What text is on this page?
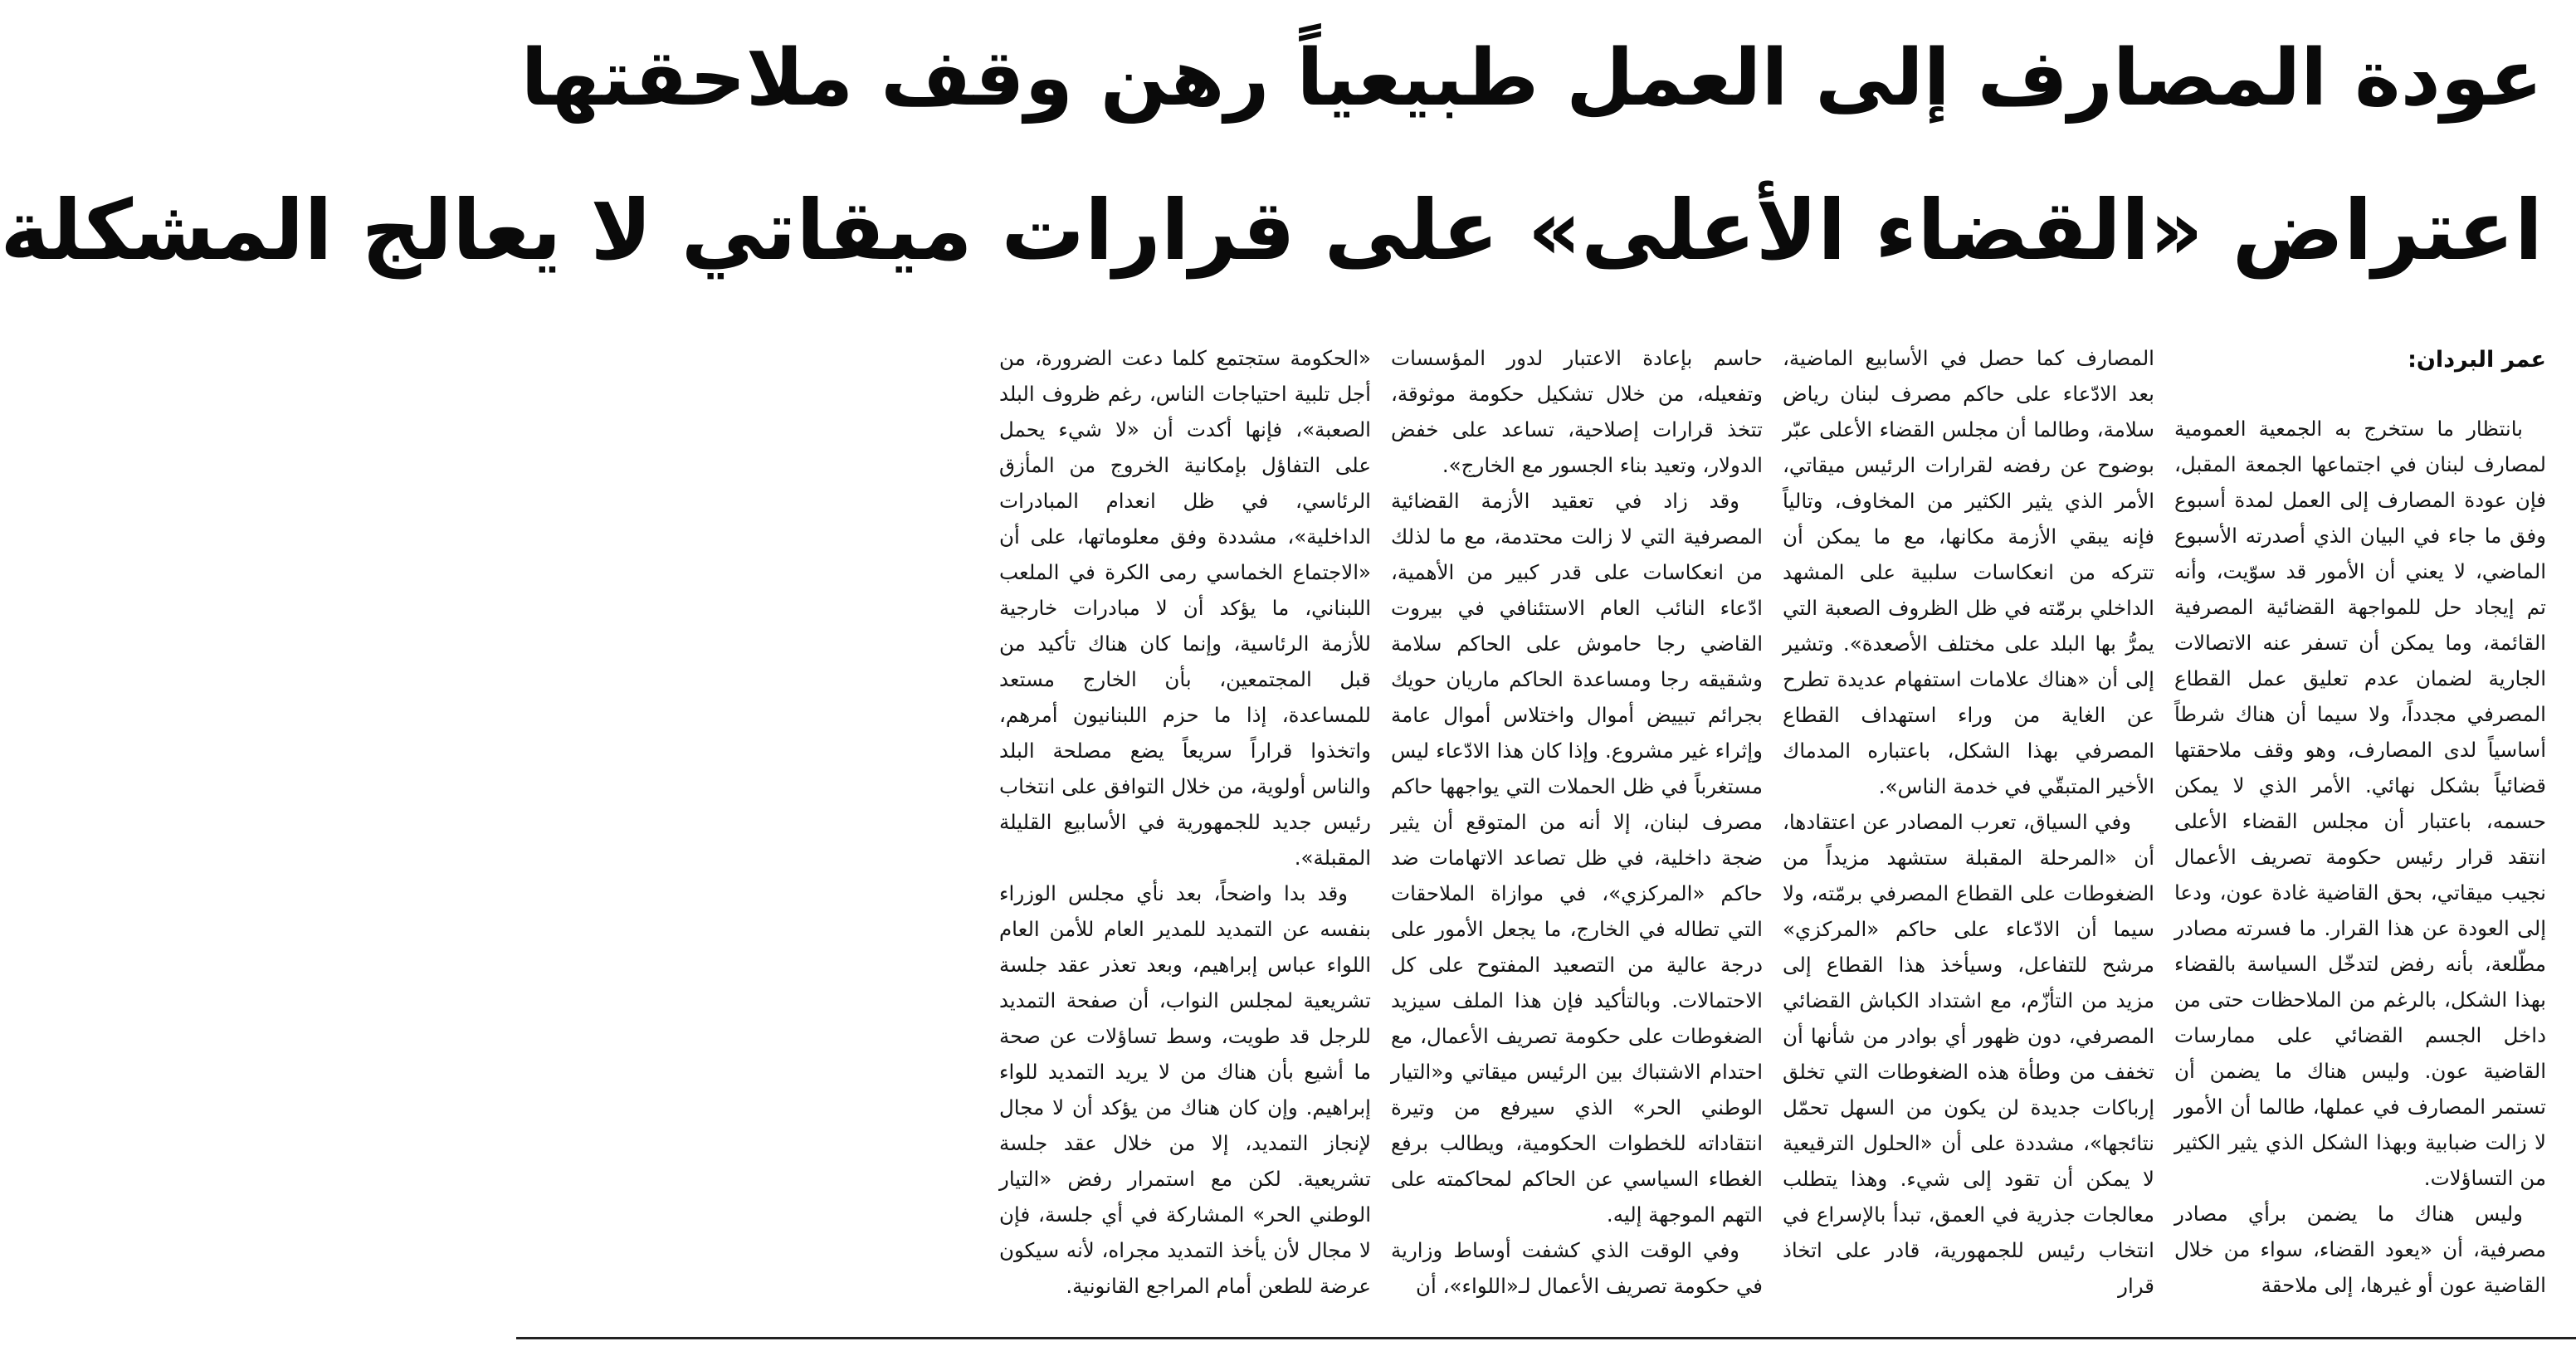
عودة المصارف إلى العمل طبيعياً رهن وقف ملاحقتها
اعتراض «القضاء الأعلى» على قرارات ميقاتي لا يعالج المشكلة
عمر البردان:

بانتظار ما ستخرج به الجمعية العمومية لمصارف لبنان في اجتماعها الجمعة المقبل، فإن عودة المصارف إلى العمل لمدة أسبوع وفق ما جاء في البيان الذي أصدرته الأسبوع الماضي، لا يعني أن الأمور قد سوّيت، وأنه تم إيجاد حل للمواجهة القضائية المصرفية القائمة، وما يمكن أن تسفر عنه الاتصالات الجارية لضمان عدم تعليق عمل القطاع المصرفي مجدداً، ولا سيما أن هناك شرطاً أساسياً لدى المصارف، وهو وقف ملاحقتها قضائياً بشكل نهائي. الأمر الذي لا يمكن حسمه، باعتبار أن مجلس القضاء الأعلى انتقد قرار رئيس حكومة تصريف الأعمال نجيب ميقاتي، بحق القاضية غادة عون، ودعا إلى العودة عن هذا القرار. ما فسرته مصادر مطّلعة، بأنه رفض لتدخّل السياسة بالقضاء بهذا الشكل، بالرغم من الملاحظات حتى من داخل الجسم القضائي على ممارسات القاضية عون. وليس هناك ما يضمن أن تستمر المصارف في عملها، طالما أن الأمور لا زالت ضبابية وبهذا الشكل الذي يثير الكثير من التساؤلات.

وليس هناك ما يضمن برأي مصادر مصرفية، أن «يعود القضاء، سواء من خلال القاضية عون أو غيرها، إلى ملاحقة

المصارف كما حصل في الأسابيع الماضية، بعد الادّعاء على حاكم مصرف لبنان رياض سلامة، وطالما أن مجلس القضاء الأعلى عبّر بوضوح عن رفضه لقرارات الرئيس ميقاتي، الأمر الذي يثير الكثير من المخاوف، وتالياً فإنه يبقي الأزمة مكانها، مع ما يمكن أن تتركه من انعكاسات سلبية على المشهد الداخلي برمّته في ظل الظروف الصعبة التي يمرُّ بها البلد على مختلف الأصعدة». وتشير إلى أن «هناك علامات استفهام عديدة تطرح عن الغاية من وراء استهداف القطاع المصرفي بهذا الشكل، باعتباره المدماك الأخير المتبقّي في خدمة الناس».

وفي السياق، تعرب المصادر عن اعتقادها، أن «المرحلة المقبلة ستشهد مزيداً من الضغوطات على القطاع المصرفي برمّته، ولا سيما أن الادّعاء على حاكم «المركزي» مرشح للتفاعل، وسيأخذ هذا القطاع إلى مزيد من التأزّم، مع اشتداد الكباش القضائي المصرفي، دون ظهور أي بوادر من شأنها أن تخفف من وطأة هذه الضغوطات التي تخلق إرباكات جديدة لن يكون من السهل تحمّل نتائجها»، مشددة على أن «الحلول الترقيعية لا يمكن أن تقود إلى شيء. وهذا يتطلب معالجات جذرية في العمق، تبدأ بالإسراع في انتخاب رئيس للجمهورية، قادر على اتخاذ قرار

حاسم بإعادة الاعتبار لدور المؤسسات وتفعيله، من خلال تشكيل حكومة موثوقة، تتخذ قرارات إصلاحية، تساعد على خفض الدولار، وتعيد بناء الجسور مع الخارج».

وقد زاد في تعقيد الأزمة القضائية المصرفية التي لا زالت محتدمة، مع ما لذلك من انعكاسات على قدر كبير من الأهمية، ادّعاء النائب العام الاستئنافي في بيروت القاضي رجا حاموش على الحاكم سلامة وشقيقه رجا ومساعدة الحاكم ماريان حويك بجرائم تبييض أموال واختلاس أموال عامة وإثراء غير مشروع. وإذا كان هذا الادّعاء ليس مستغرباً في ظل الحملات التي يواجهها حاكم مصرف لبنان، إلا أنه من المتوقع أن يثير ضجة داخلية، في ظل تصاعد الاتهامات ضد حاكم «المركزي»، في موازاة الملاحقات التي تطاله في الخارج، ما يجعل الأمور على درجة عالية من التصعيد المفتوح على كل الاحتمالات. وبالتأكيد فإن هذا الملف سيزيد الضغوطات على حكومة تصريف الأعمال، مع احتدام الاشتباك بين الرئيس ميقاتي و«التيار الوطني الحر» الذي سيرفع من وتيرة انتقاداته للخطوات الحكومية، ويطالب برفع الغطاء السياسي عن الحاكم لمحاكمته على التهم الموجهة إليه.

وفي الوقت الذي كشفت أوساط وزارية في حكومة تصريف الأعمال لـ«اللواء»، أن

«الحكومة ستجتمع كلما دعت الضرورة، من أجل تلبية احتياجات الناس، رغم ظروف البلد الصعبة»، فإنها أكدت أن «لا شيء يحمل على التفاؤل بإمكانية الخروج من المأزق الرئاسي، في ظل انعدام المبادرات الداخلية»، مشددة وفق معلوماتها، على أن «الاجتماع الخماسي رمى الكرة في الملعب اللبناني، ما يؤكد أن لا مبادرات خارجية للأزمة الرئاسية، وإنما كان هناك تأكيد من قبل المجتمعين، بأن الخارج مستعد للمساعدة، إذا ما حزم اللبنانيون أمرهم، واتخذوا قراراً سريعاً يضع مصلحة البلد والناس أولوية، من خلال التوافق على انتخاب رئيس جديد للجمهورية في الأسابيع القليلة المقبلة».

وقد بدا واضحاً، بعد نأي مجلس الوزراء بنفسه عن التمديد للمدير العام للأمن العام اللواء عباس إبراهيم، وبعد تعذر عقد جلسة تشريعية لمجلس النواب، أن صفحة التمديد للرجل قد طويت، وسط تساؤلات عن صحة ما أشيع بأن هناك من لا يريد التمديد للواء إبراهيم. وإن كان هناك من يؤكد أن لا مجال لإنجاز التمديد، إلا من خلال عقد جلسة تشريعية. لكن مع استمرار رفض «التيار الوطني الحر» المشاركة في أي جلسة، فإن لا مجال لأن يأخذ التمديد مجراه، لأنه سيكون عرضة للطعن أمام المراجع القانونية.
